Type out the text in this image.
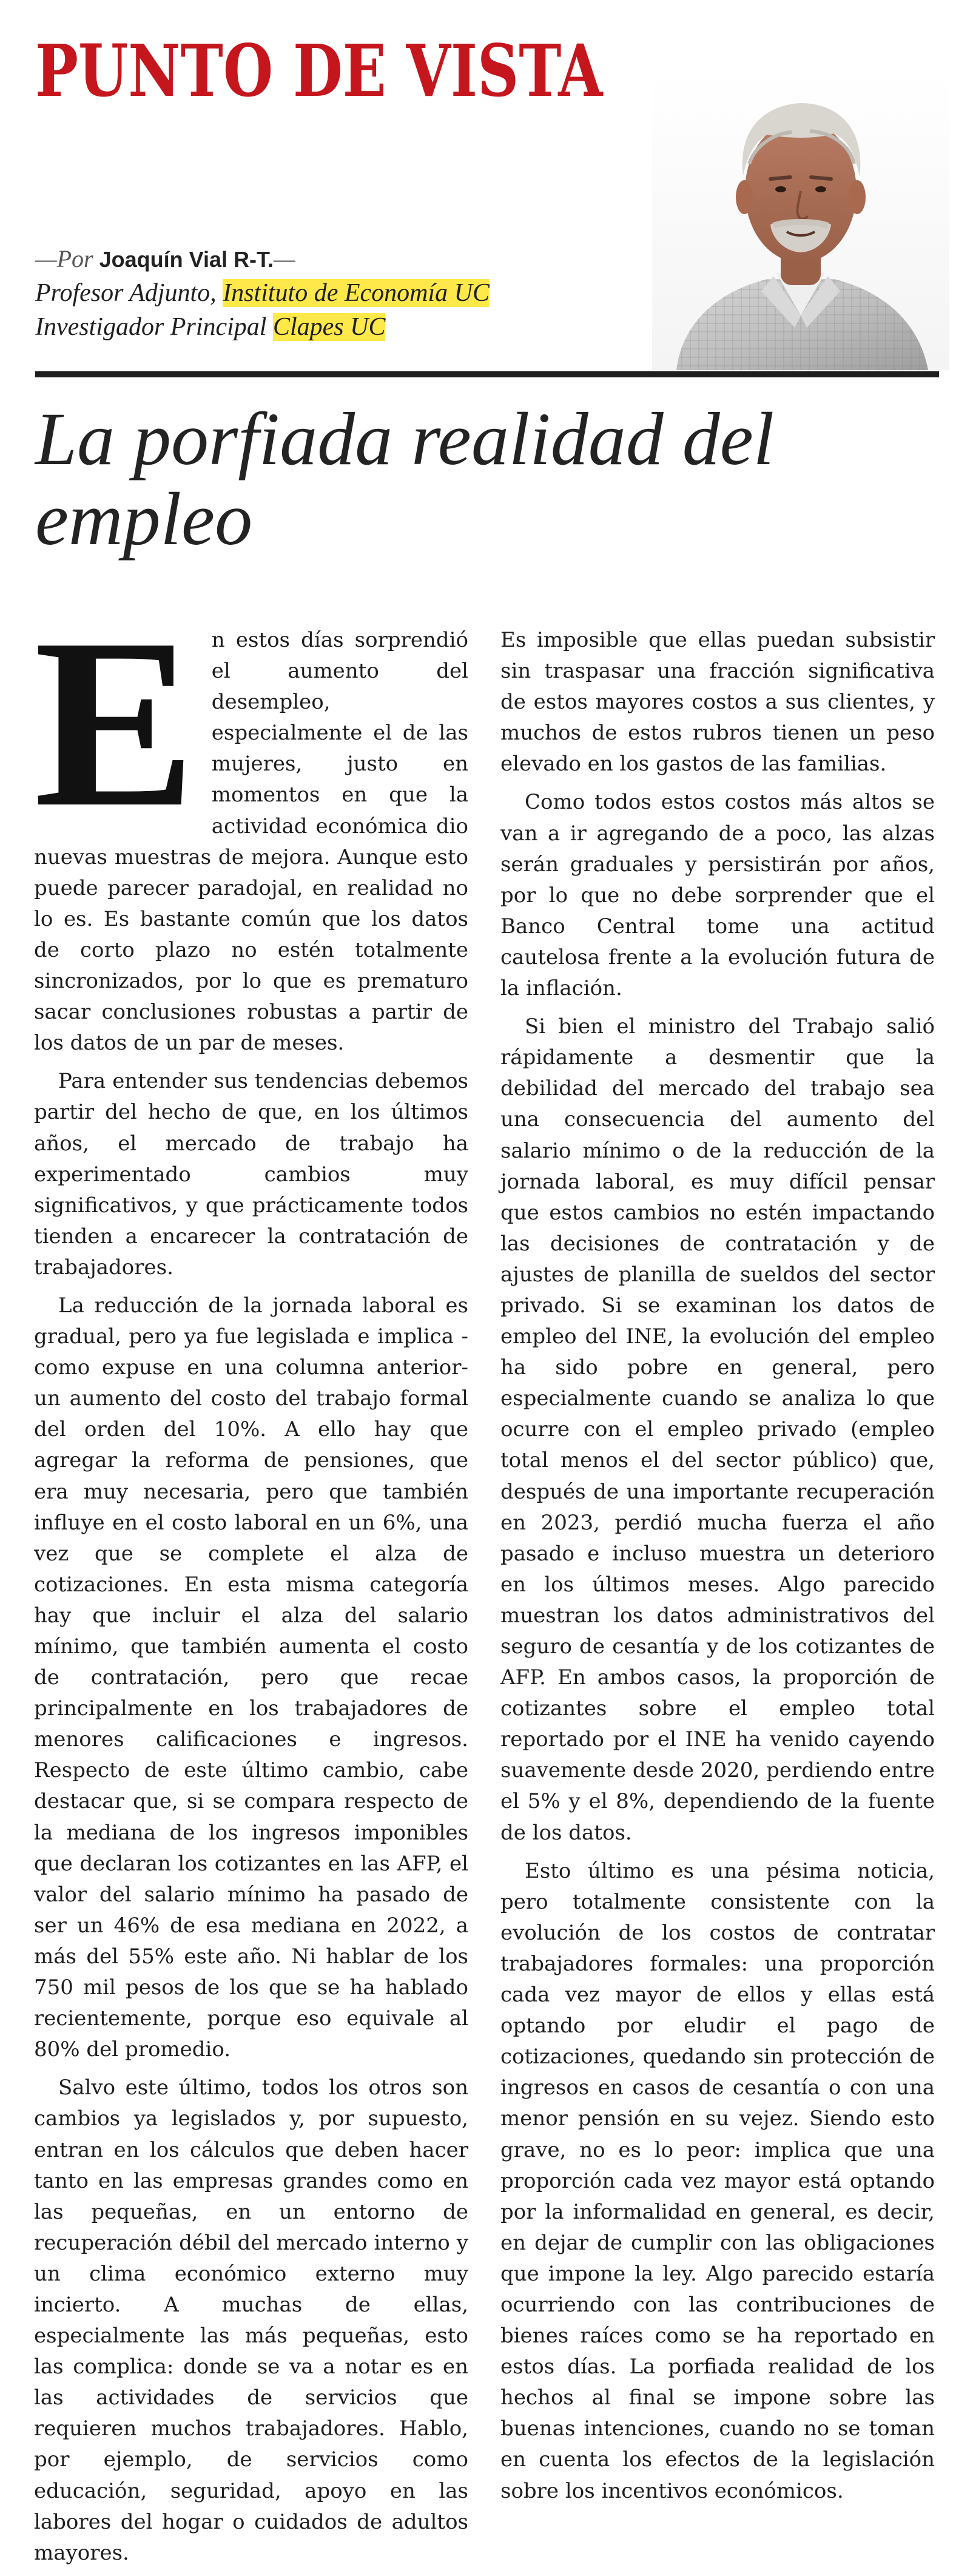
PUNTO DE VISTA
—Por Joaquín Vial R-T.—
Profesor Adjunto, Instituto de Economía UC
Investigador Principal Clapes UC
La porfiada realidad del empleo

En estos días sorprendió el aumento del desempleo, especialmente el de las mujeres, justo en momentos en que la actividad económica dio nuevas muestras de mejora. Aunque esto puede parecer paradojal, en realidad no lo es. Es bastante común que los datos de corto plazo no estén totalmente sincronizados, por lo que es prematuro sacar conclusiones robustas a partir de los datos de un par de meses.

Para entender sus tendencias debemos partir del hecho de que, en los últimos años, el mercado de trabajo ha experimentado cambios muy significativos, y que prácticamente todos tienden a encarecer la contratación de trabajadores.

La reducción de la jornada laboral es gradual, pero ya fue legislada e implica -como expuse en una columna anterior- un aumento del costo del trabajo formal del orden del 10%. A ello hay que agregar la reforma de pensiones, que era muy necesaria, pero que también influye en el costo laboral en un 6%, una vez que se complete el alza de cotizaciones. En esta misma categoría hay que incluir el alza del salario mínimo, que también aumenta el costo de contratación, pero que recae principalmente en los trabajadores de menores calificaciones e ingresos. Respecto de este último cambio, cabe destacar que, si se compara respecto de la mediana de los ingresos imponibles que declaran los cotizantes en las AFP, el valor del salario mínimo ha pasado de ser un 46% de esa mediana en 2022, a más del 55% este año. Ni hablar de los 750 mil pesos de los que se ha hablado recientemente, porque eso equivale al 80% del promedio.

Salvo este último, todos los otros son cambios ya legislados y, por supuesto, entran en los cálculos que deben hacer tanto en las empresas grandes como en las pequeñas, en un entorno de recuperación débil del mercado interno y un clima económico externo muy incierto. A muchas de ellas, especialmente las más pequeñas, esto las complica: donde se va a notar es en las actividades de servicios que requieren muchos trabajadores. Hablo, por ejemplo, de servicios como educación, seguridad, apoyo en las labores del hogar o cuidados de adultos mayores.

Es imposible que ellas puedan subsistir sin traspasar una fracción significativa de estos mayores costos a sus clientes, y muchos de estos rubros tienen un peso elevado en los gastos de las familias.

Como todos estos costos más altos se van a ir agregando de a poco, las alzas serán graduales y persistirán por años, por lo que no debe sorprender que el Banco Central tome una actitud cautelosa frente a la evolución futura de la inflación.

Si bien el ministro del Trabajo salió rápidamente a desmentir que la debilidad del mercado del trabajo sea una consecuencia del aumento del salario mínimo o de la reducción de la jornada laboral, es muy difícil pensar que estos cambios no estén impactando las decisiones de contratación y de ajustes de planilla de sueldos del sector privado. Si se examinan los datos de empleo del INE, la evolución del empleo ha sido pobre en general, pero especialmente cuando se analiza lo que ocurre con el empleo privado (empleo total menos el del sector público) que, después de una importante recuperación en 2023, perdió mucha fuerza el año pasado e incluso muestra un deterioro en los últimos meses. Algo parecido muestran los datos administrativos del seguro de cesantía y de los cotizantes de AFP. En ambos casos, la proporción de cotizantes sobre el empleo total reportado por el INE ha venido cayendo suavemente desde 2020, perdiendo entre el 5% y el 8%, dependiendo de la fuente de los datos.

Esto último es una pésima noticia, pero totalmente consistente con la evolución de los costos de contratar trabajadores formales: una proporción cada vez mayor de ellos y ellas está optando por eludir el pago de cotizaciones, quedando sin protección de ingresos en casos de cesantía o con una menor pensión en su vejez. Siendo esto grave, no es lo peor: implica que una proporción cada vez mayor está optando por la informalidad en general, es decir, en dejar de cumplir con las obligaciones que impone la ley. Algo parecido estaría ocurriendo con las contribuciones de bienes raíces como se ha reportado en estos días. La porfiada realidad de los hechos al final se impone sobre las buenas intenciones, cuando no se toman en cuenta los efectos de la legislación sobre los incentivos económicos.
